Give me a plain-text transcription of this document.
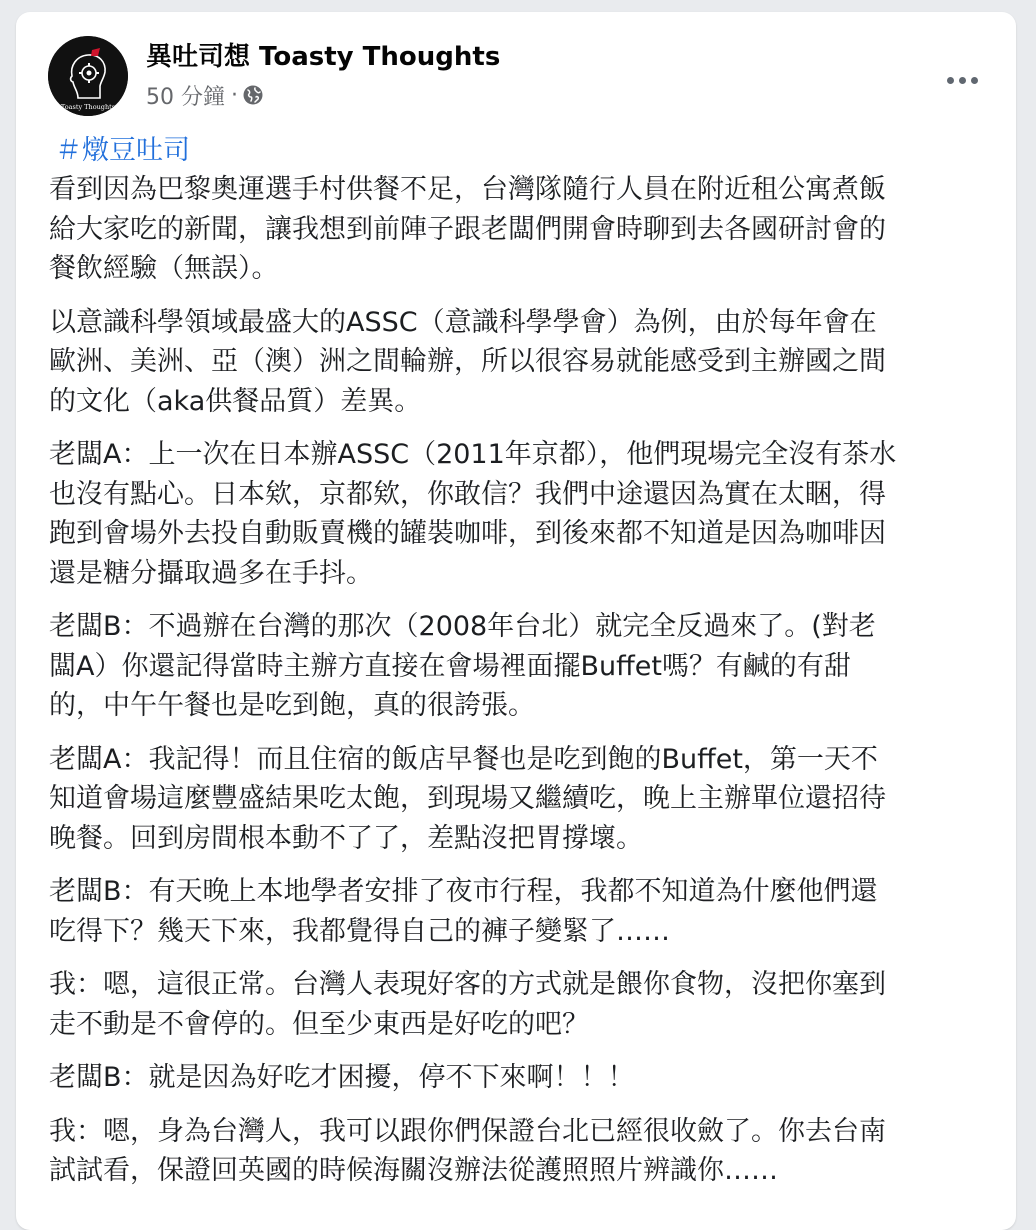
Toasty Thoughts
異吐司想 Toasty Thoughts
50 分鐘 ·
＃燉豆吐司

看到因為巴黎奧運選手村供餐不足，台灣隊隨行人員在附近租公寓煮飯
給大家吃的新聞，讓我想到前陣子跟老闆們開會時聊到去各國研討會的
餐飲經驗（無誤）。

以意識科學領域最盛大的ASSC（意識科學學會）為例，由於每年會在
歐洲、美洲、亞（澳）洲之間輪辦，所以很容易就能感受到主辦國之間
的文化（aka供餐品質）差異。

老闆A：上一次在日本辦ASSC（2011年京都），他們現場完全沒有茶水
也沒有點心。日本欸，京都欸，你敢信？我們中途還因為實在太睏，得
跑到會場外去投自動販賣機的罐裝咖啡，到後來都不知道是因為咖啡因
還是糖分攝取過多在手抖。

老闆B：不過辦在台灣的那次（2008年台北）就完全反過來了。(對老
闆A）你還記得當時主辦方直接在會場裡面擺Buffet嗎？有鹹的有甜
的，中午午餐也是吃到飽，真的很誇張。

老闆A：我記得！而且住宿的飯店早餐也是吃到飽的Buffet，第一天不
知道會場這麼豐盛結果吃太飽，到現場又繼續吃，晚上主辦單位還招待
晚餐。回到房間根本動不了了，差點沒把胃撐壞。

老闆B：有天晚上本地學者安排了夜市行程，我都不知道為什麼他們還
吃得下？幾天下來，我都覺得自己的褲子變緊了……

我：嗯，這很正常。台灣人表現好客的方式就是餵你食物，沒把你塞到
走不動是不會停的。但至少東西是好吃的吧？

老闆B：就是因為好吃才困擾，停不下來啊！！！

我：嗯，身為台灣人，我可以跟你們保證台北已經很收斂了。你去台南
試試看，保證回英國的時候海關沒辦法從護照照片辨識你……
